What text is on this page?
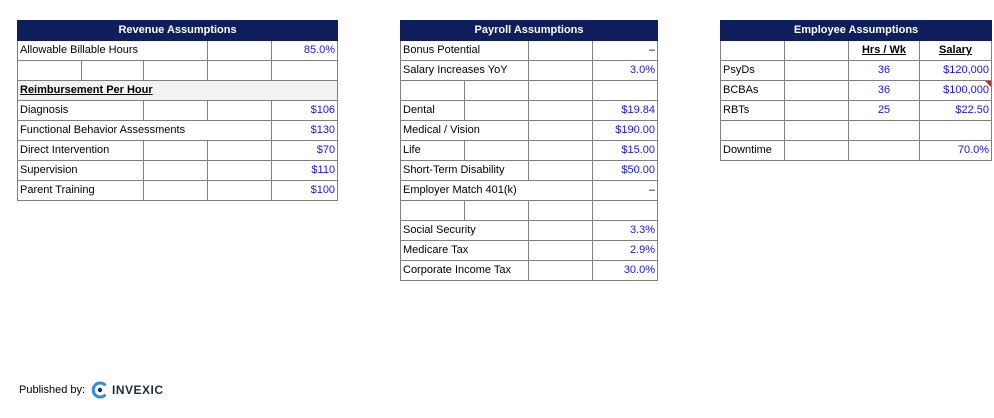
Revenue Assumptions				
Allowable Billable Hours				85.0%

Reimbursement Per Hour				
Diagnosis				$106
Functional Behavior Assessments				$130
Direct Intervention				$70
Supervision				$110
Parent Training				$100
Payroll Assumptions			
Bonus Potential			–
Salary Increases YoY			3.0%

Dental			$19.84
Medical / Vision			$190.00
Life			$15.00
Short-Term Disability			$50.00
Employer Match 401(k)			–

Social Security			3.3%
Medicare Tax			2.9%
Corporate Income Tax			30.0%
Employee Assumptions			
		Hrs / Wk	Salary
PsyDs		36	$120,000
BCBAs		36	$100,000
RBTs		25	$22.50

Downtime			70.0%
Published by: INVEXIC
